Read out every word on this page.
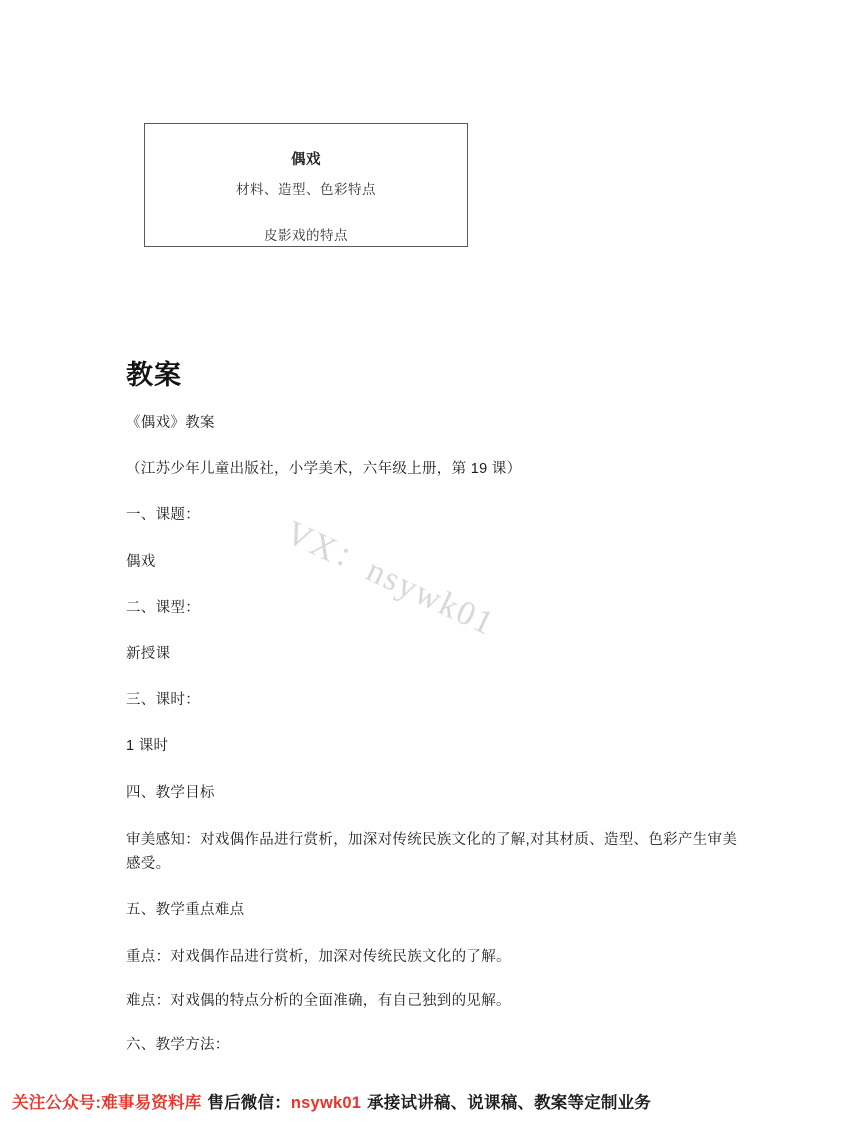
偶戏
材料、造型、色彩特点
皮影戏的特点
教案

《偶戏》教案

（江苏少年儿童出版社，小学美术，六年级上册，第 19 课）

一、课题：

偶戏

二、课型：

新授课

三、课时：

1 课时

四、教学目标

审美感知：对戏偶作品进行赏析，加深对传统民族文化的了解,对其材质、造型、色彩产生审美感受。

五、教学重点难点

重点：对戏偶作品进行赏析，加深对传统民族文化的了解。

难点：对戏偶的特点分析的全面准确，有自己独到的见解。

六、教学方法：

VX：nsywk01
关注公众号:难事易资料库 售后微信：nsywk01 承接试讲稿、说课稿、教案等定制业务
